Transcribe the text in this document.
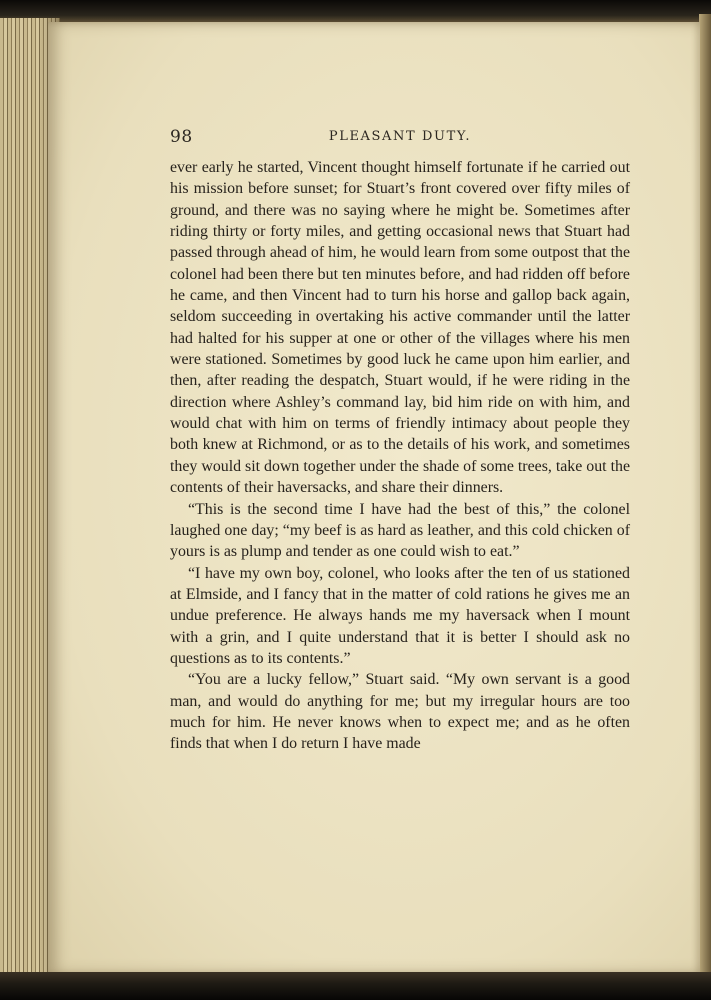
98	PLEASANT DUTY.

ever early he started, Vincent thought himself fortunate if he carried out his mission before sunset; for Stuart’s front covered over fifty miles of ground, and there was no saying where he might be. Sometimes after riding thirty or forty miles, and getting occasional news that Stuart had passed through ahead of him, he would learn from some outpost that the colonel had been there but ten minutes before, and had ridden off before he came, and then Vincent had to turn his horse and gallop back again, seldom succeeding in overtaking his active commander until the latter had halted for his supper at one or other of the villages where his men were stationed. Sometimes by good luck he came upon him earlier, and then, after reading the despatch, Stuart would, if he were riding in the direction where Ashley’s command lay, bid him ride on with him, and would chat with him on terms of friendly intimacy about people they both knew at Richmond, or as to the details of his work, and sometimes they would sit down together under the shade of some trees, take out the contents of their haversacks, and share their dinners.

“This is the second time I have had the best of this,” the colonel laughed one day; “my beef is as hard as leather, and this cold chicken of yours is as plump and tender as one could wish to eat.”

“I have my own boy, colonel, who looks after the ten of us stationed at Elmside, and I fancy that in the matter of cold rations he gives me an undue preference. He always hands me my haversack when I mount with a grin, and I quite understand that it is better I should ask no questions as to its contents.”

“You are a lucky fellow,” Stuart said. “My own servant is a good man, and would do anything for me; but my irregular hours are too much for him. He never knows when to expect me; and as he often finds that when I do return I have made
